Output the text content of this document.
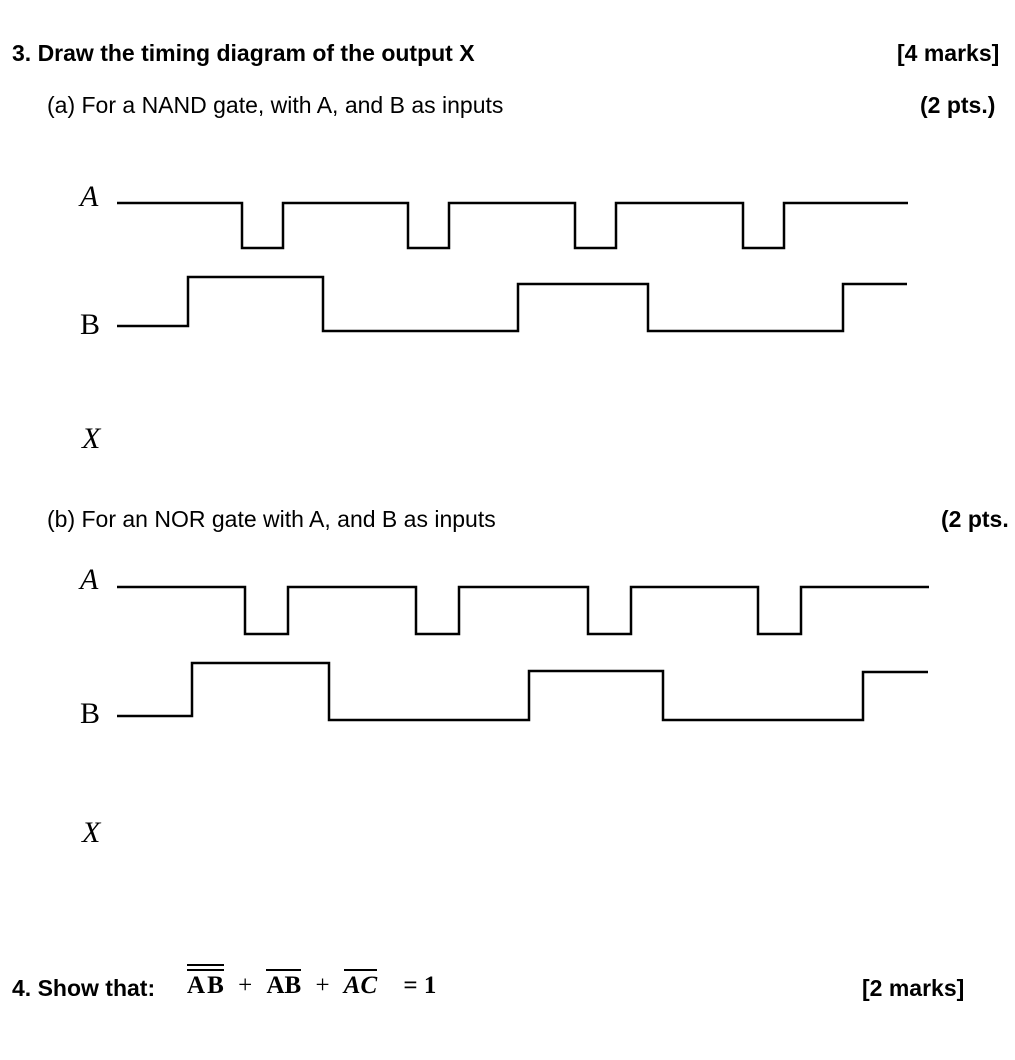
3. Draw the timing diagram of the output X	[4 marks]
(a) For a NAND gate, with A, and B as inputs	(2 pts.)
A
B
X
(b) For an NOR gate with A, and B as inputs	(2 pts.
A
B
X
4. Show that: A B + AB + AC = 1	[2 marks]
